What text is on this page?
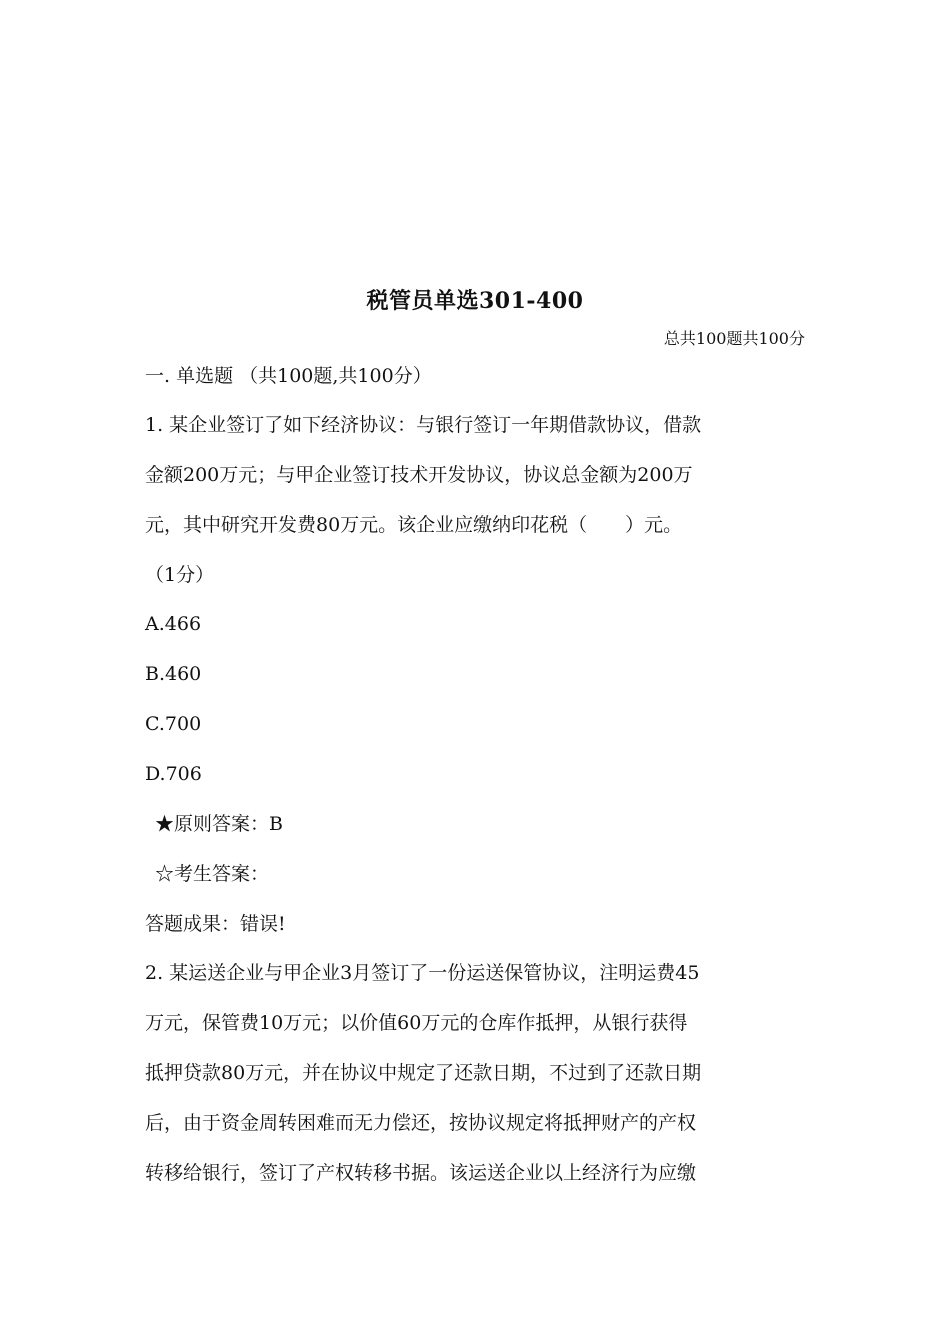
税管员单选301-400
总共100题共100分
一. 单选题 （共100题,共100分）
1. 某企业签订了如下经济协议：与银行签订一年期借款协议，借款
金额200万元；与甲企业签订技术开发协议，协议总金额为200万
元，其中研究开发费80万元。该企业应缴纳印花税（　　）元。
（1分）
A.466
B.460
C.700
D.706
★原则答案：B
☆考生答案：
答题成果：错误!
2. 某运送企业与甲企业3月签订了一份运送保管协议，注明运费45
万元，保管费10万元；以价值60万元的仓库作抵押，从银行获得
抵押贷款80万元，并在协议中规定了还款日期，不过到了还款日期
后，由于资金周转困难而无力偿还，按协议规定将抵押财产的产权
转移给银行，签订了产权转移书据。该运送企业以上经济行为应缴
